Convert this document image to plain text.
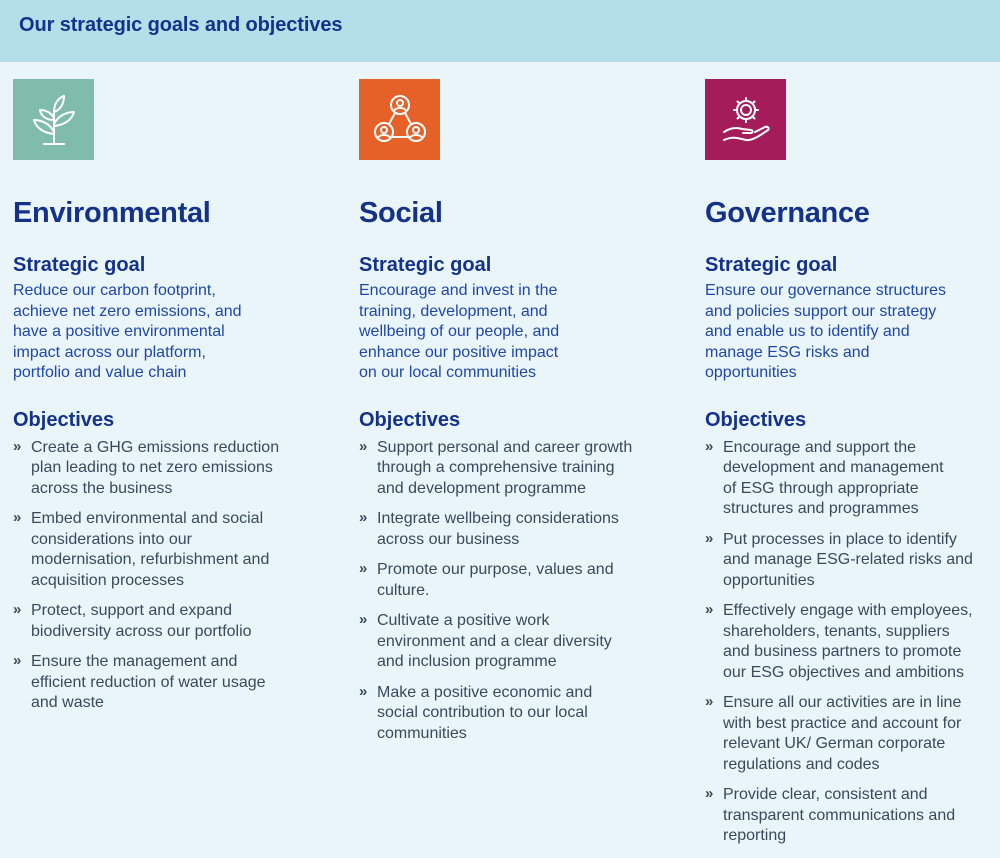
Our strategic goals and objectives
Environmental
Strategic goal

Reduce our carbon footprint,
achieve net zero emissions, and
have a positive environmental
impact across our platform,
portfolio and value chain

Objectives
» Create a GHG emissions reduction
plan leading to net zero emissions
across the business
» Embed environmental and social
considerations into our
modernisation, refurbishment and
acquisition processes
» Protect, support and expand
biodiversity across our portfolio
» Ensure the management and
efficient reduction of water usage
and waste
Social
Strategic goal

Encourage and invest in the
training, development, and
wellbeing of our people, and
enhance our positive impact
on our local communities

Objectives
» Support personal and career growth
through a comprehensive training
and development programme
» Integrate wellbeing considerations
across our business
» Promote our purpose, values and
culture.
» Cultivate a positive work
environment and a clear diversity
and inclusion programme
» Make a positive economic and
social contribution to our local
communities
Governance
Strategic goal

Ensure our governance structures
and policies support our strategy
and enable us to identify and
manage ESG risks and
opportunities

Objectives
» Encourage and support the
development and management
of ESG through appropriate
structures and programmes
» Put processes in place to identify
and manage ESG-related risks and
opportunities
» Effectively engage with employees,
shareholders, tenants, suppliers
and business partners to promote
our ESG objectives and ambitions
» Ensure all our activities are in line
with best practice and account for
relevant UK/ German corporate
regulations and codes
» Provide clear, consistent and
transparent communications and
reporting
